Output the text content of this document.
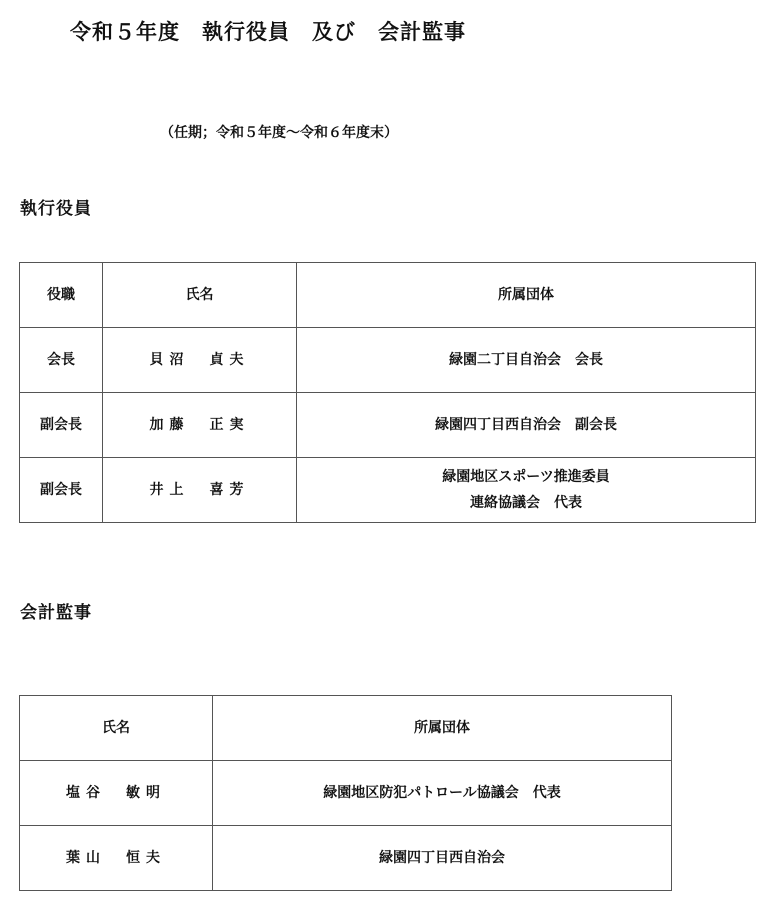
令和５年度　執行役員　及び　会計監事
（任期；令和５年度～令和６年度末）
執行役員
役職	氏名	所属団体
会長	貝沼　貞夫	緑園二丁目自治会　会長
副会長	加藤　正実	緑園四丁目西自治会　副会長
副会長	井上　喜芳	緑園地区スポーツ推進委員
連絡協議会　代表
会計監事
氏名	所属団体
塩谷　敏明	緑園地区防犯パトロール協議会　代表
葉山　恒夫	緑園四丁目西自治会
